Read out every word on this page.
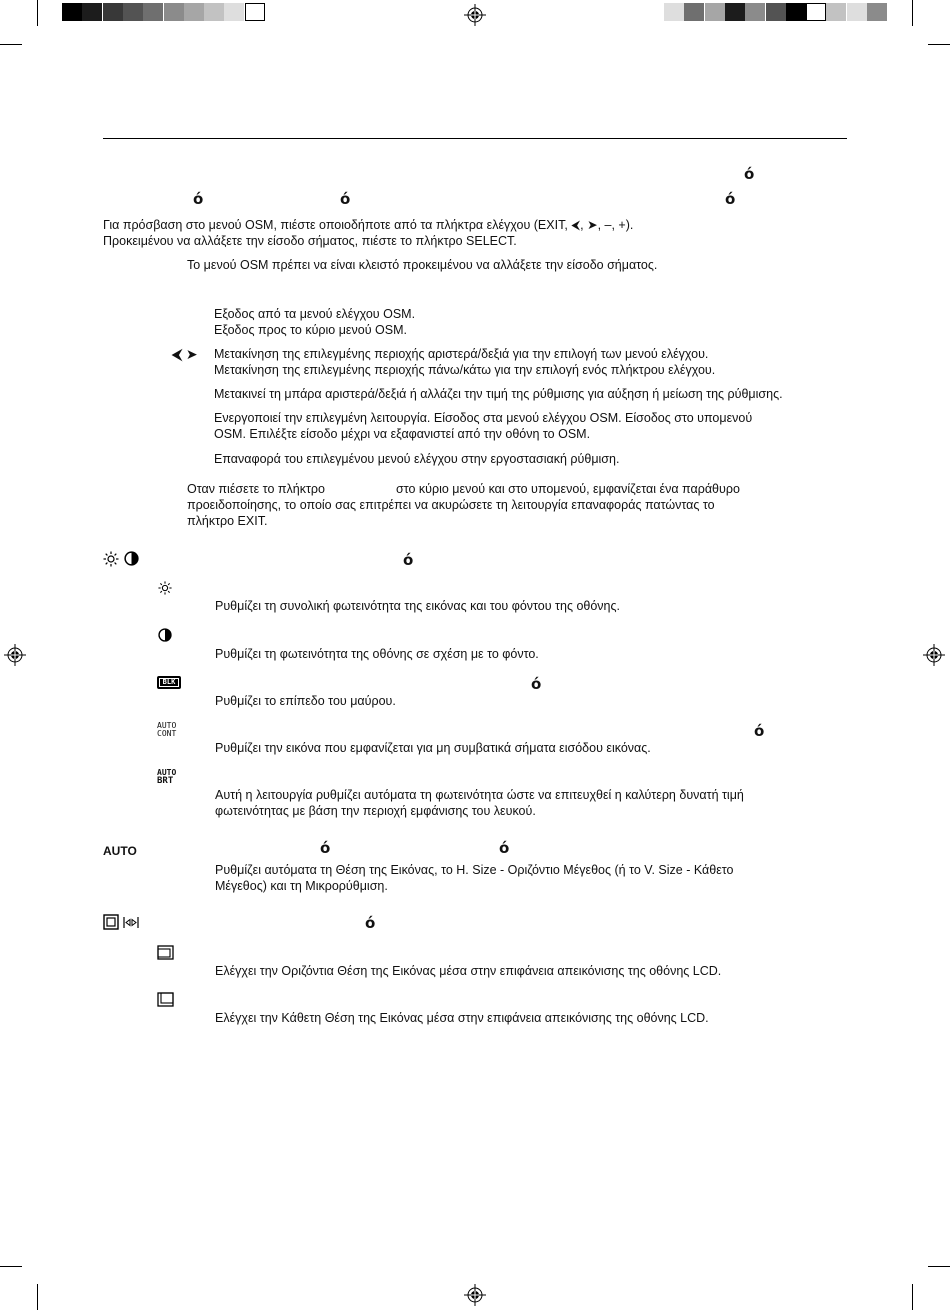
ό
ό	ό	ό
Για πρόσβαση στο μενού OSM, πιέστε οποιοδήποτε από τα πλήκτρα ελέγχου (EXIT, ⮜, ➤, –, +).
Προκειμένου να αλλάξετε την είσοδο σήματος, πιέστε το πλήκτρο SELECT.
Το μενού OSM πρέπει να είναι κλειστό προκειμένου να αλλάξετε την είσοδο σήματος.
Εξοδος από τα μενού ελέγχου OSM.
Εξοδος προς το κύριο μενού OSM.
⮜ ➤ Μετακίνηση της επιλεγμένης περιοχής αριστερά/δεξιά για την επιλογή των μενού ελέγχου.
Μετακίνηση της επιλεγμένης περιοχής πάνω/κάτω για την επιλογή ενός πλήκτρου ελέγχου.
Μετακινεί τη μπάρα αριστερά/δεξιά ή αλλάζει την τιμή της ρύθμισης για αύξηση ή μείωση της ρύθμισης.
Ενεργοποιεί την επιλεγμένη λειτουργία. Είσοδος στα μενού ελέγχου OSM. Είσοδος στο υπομενού
OSM. Επιλέξτε είσοδο μέχρι να εξαφανιστεί από την οθόνη το OSM.
Επαναφορά του επιλεγμένου μενού ελέγχου στην εργοστασιακή ρύθμιση.
Οταν πιέσετε το πλήκτρο	στο κύριο μενού και στο υπομενού, εμφανίζεται ένα παράθυρο
προειδοποίησης, το οποίο σας επιτρέπει να ακυρώσετε τη λειτουργία επαναφοράς πατώντας το
πλήκτρο EXIT.
ό
Ρυθμίζει τη συνολική φωτεινότητα της εικόνας και του φόντου της οθόνης.
Ρυθμίζει τη φωτεινότητα της οθόνης σε σχέση με το φόντο.
BLK	ό
Ρυθμίζει το επίπεδο του μαύρου.
AUTO
CONT	ό
Ρυθμίζει την εικόνα που εμφανίζεται για μη συμβατικά σήματα εισόδου εικόνας.
AUTO
BRT
Αυτή η λειτουργία ρυθμίζει αυτόματα τη φωτεινότητα ώστε να επιτευχθεί η καλύτερη δυνατή τιμή
φωτεινότητας με βάση την περιοχή εμφάνισης του λευκού.
AUTO	ό	ό
Ρυθμίζει αυτόματα τη Θέση της Εικόνας, το H. Size - Οριζόντιο Μέγεθος (ή το V. Size - Κάθετο
Μέγεθος) και τη Μικρορύθμιση.
ό
Ελέγχει την Οριζόντια Θέση της Εικόνας μέσα στην επιφάνεια απεικόνισης της οθόνης LCD.
Ελέγχει την Κάθετη Θέση της Εικόνας μέσα στην επιφάνεια απεικόνισης της οθόνης LCD.
